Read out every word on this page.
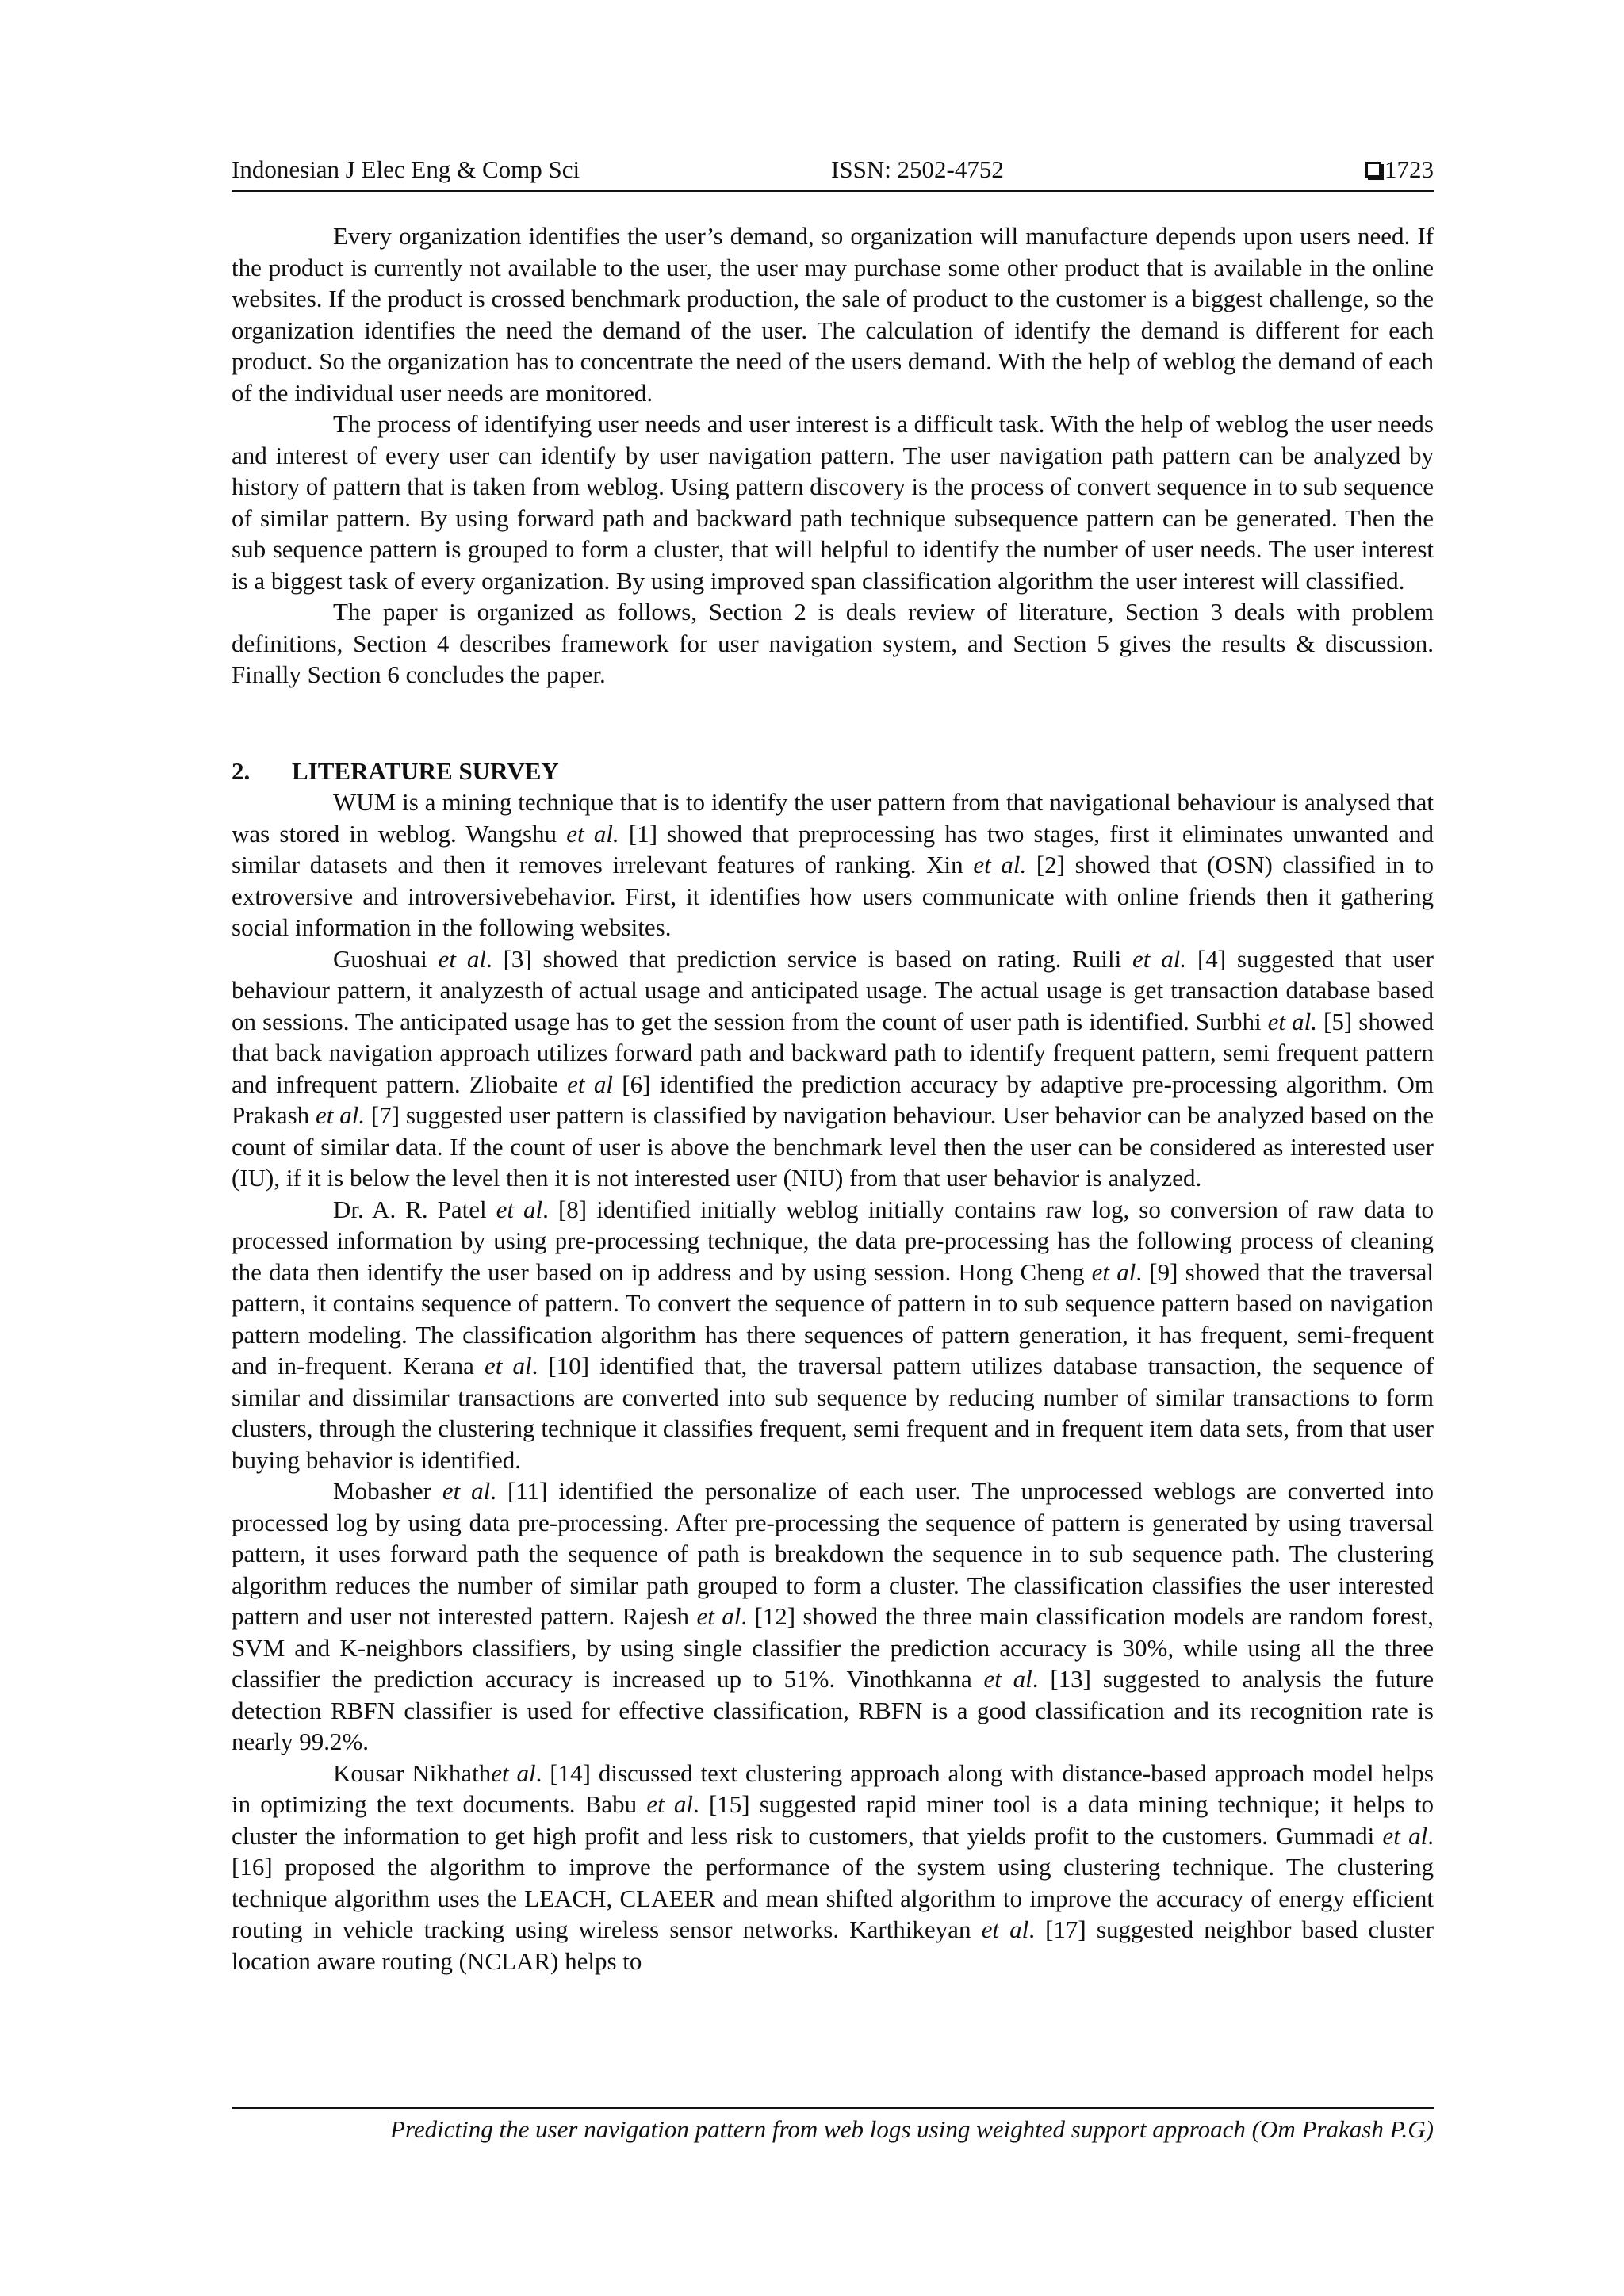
Indonesian J Elec Eng & Comp Sci	ISSN: 2502-4752	1723

Every organization identifies the user’s demand, so organization will manufacture depends upon users need. If the product is currently not available to the user, the user may purchase some other product that is available in the online websites. If the product is crossed benchmark production, the sale of product to the customer is a biggest challenge, so the organization identifies the need the demand of the user. The calculation of identify the demand is different for each product. So the organization has to concentrate the need of the users demand. With the help of weblog the demand of each of the individual user needs are monitored.

The process of identifying user needs and user interest is a difficult task. With the help of weblog the user needs and interest of every user can identify by user navigation pattern. The user navigation path pattern can be analyzed by history of pattern that is taken from weblog. Using pattern discovery is the process of convert sequence in to sub sequence of similar pattern. By using forward path and backward path technique subsequence pattern can be generated. Then the sub sequence pattern is grouped to form a cluster, that will helpful to identify the number of user needs. The user interest is a biggest task of every organization. By using improved span classification algorithm the user interest will classified.

The paper is organized as follows, Section 2 is deals review of literature, Section 3 deals with problem definitions, Section 4 describes framework for user navigation system, and Section 5 gives the results & discussion. Finally Section 6 concludes the paper.

2. LITERATURE SURVEY

WUM is a mining technique that is to identify the user pattern from that navigational behaviour is analysed that was stored in weblog. Wangshu et al. [1] showed that preprocessing has two stages, first it eliminates unwanted and similar datasets and then it removes irrelevant features of ranking. Xin et al. [2] showed that (OSN) classified in to extroversive and introversivebehavior. First, it identifies how users communicate with online friends then it gathering social information in the following websites.

Guoshuai et al. [3] showed that prediction service is based on rating. Ruili et al. [4] suggested that user behaviour pattern, it analyzesth of actual usage and anticipated usage. The actual usage is get transaction database based on sessions. The anticipated usage has to get the session from the count of user path is identified. Surbhi et al. [5] showed that back navigation approach utilizes forward path and backward path to identify frequent pattern, semi frequent pattern and infrequent pattern. Zliobaite et al [6] identified the prediction accuracy by adaptive pre-processing algorithm. Om Prakash et al. [7] suggested user pattern is classified by navigation behaviour. User behavior can be analyzed based on the count of similar data. If the count of user is above the benchmark level then the user can be considered as interested user (IU), if it is below the level then it is not interested user (NIU) from that user behavior is analyzed.

Dr. A. R. Patel et al. [8] identified initially weblog initially contains raw log, so conversion of raw data to processed information by using pre-processing technique, the data pre-processing has the following process of cleaning the data then identify the user based on ip address and by using session. Hong Cheng et al. [9] showed that the traversal pattern, it contains sequence of pattern. To convert the sequence of pattern in to sub sequence pattern based on navigation pattern modeling. The classification algorithm has there sequences of pattern generation, it has frequent, semi-frequent and in-frequent. Kerana et al. [10] identified that, the traversal pattern utilizes database transaction, the sequence of similar and dissimilar transactions are converted into sub sequence by reducing number of similar transactions to form clusters, through the clustering technique it classifies frequent, semi frequent and in frequent item data sets, from that user buying behavior is identified.

Mobasher et al. [11] identified the personalize of each user. The unprocessed weblogs are converted into processed log by using data pre-processing. After pre-processing the sequence of pattern is generated by using traversal pattern, it uses forward path the sequence of path is breakdown the sequence in to sub sequence path. The clustering algorithm reduces the number of similar path grouped to form a cluster. The classification classifies the user interested pattern and user not interested pattern. Rajesh et al. [12] showed the three main classification models are random forest, SVM and K-neighbors classifiers, by using single classifier the prediction accuracy is 30%, while using all the three classifier the prediction accuracy is increased up to 51%. Vinothkanna et al. [13] suggested to analysis the future detection RBFN classifier is used for effective classification, RBFN is a good classification and its recognition rate is nearly 99.2%.

Kousar Nikhathet al. [14] discussed text clustering approach along with distance-based approach model helps in optimizing the text documents. Babu et al. [15] suggested rapid miner tool is a data mining technique; it helps to cluster the information to get high profit and less risk to customers, that yields profit to the customers. Gummadi et al. [16] proposed the algorithm to improve the performance of the system using clustering technique. The clustering technique algorithm uses the LEACH, CLAEER and mean shifted algorithm to improve the accuracy of energy efficient routing in vehicle tracking using wireless sensor networks. Karthikeyan et al. [17] suggested neighbor based cluster location aware routing (NCLAR) helps to

Predicting the user navigation pattern from web logs using weighted support approach (Om Prakash P.G)
